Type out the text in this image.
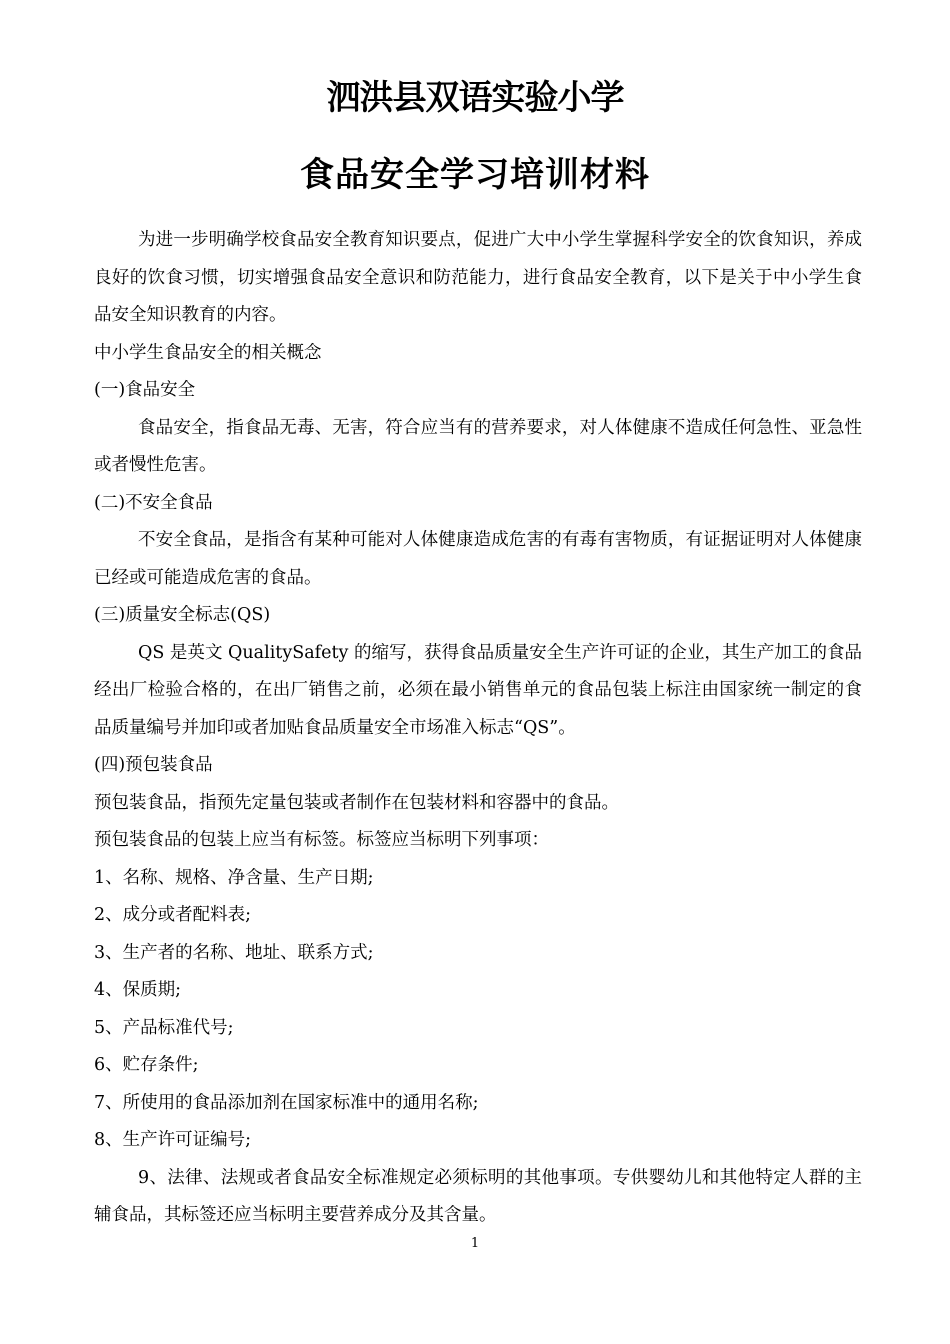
泗洪县双语实验小学
食品安全学习培训材料

为进一步明确学校食品安全教育知识要点，促进广大中小学生掌握科学安全的饮食知识，养成良好的饮食习惯，切实增强食品安全意识和防范能力，进行食品安全教育，以下是关于中小学生食品安全知识教育的内容。

中小学生食品安全的相关概念

(一)食品安全

食品安全，指食品无毒、无害，符合应当有的营养要求，对人体健康不造成任何急性、亚急性或者慢性危害。

(二)不安全食品

不安全食品，是指含有某种可能对人体健康造成危害的有毒有害物质，有证据证明对人体健康已经或可能造成危害的食品。

(三)质量安全标志(QS)

QS 是英文 QualitySafety 的缩写，获得食品质量安全生产许可证的企业，其生产加工的食品经出厂检验合格的，在出厂销售之前，必须在最小销售单元的食品包装上标注由国家统一制定的食品质量编号并加印或者加贴食品质量安全市场准入标志“QS”。

(四)预包装食品

预包装食品，指预先定量包装或者制作在包装材料和容器中的食品。

预包装食品的包装上应当有标签。标签应当标明下列事项：

1、名称、规格、净含量、生产日期;

2、成分或者配料表;

3、生产者的名称、地址、联系方式;

4、保质期;

5、产品标准代号;

6、贮存条件;

7、所使用的食品添加剂在国家标准中的通用名称;

8、生产许可证编号;

9、法律、法规或者食品安全标准规定必须标明的其他事项。专供婴幼儿和其他特定人群的主辅食品，其标签还应当标明主要营养成分及其含量。

1
